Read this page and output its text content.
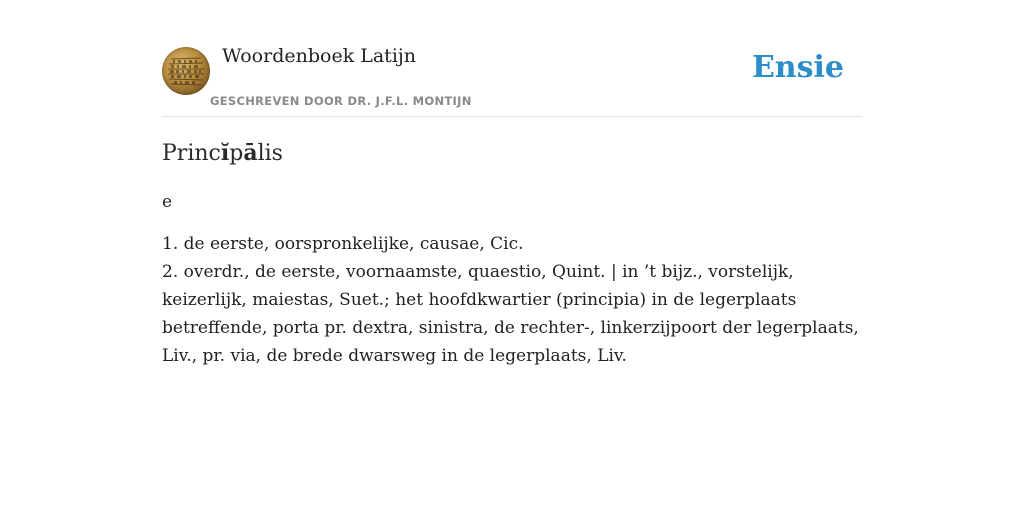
Woordenboek Latijn
GESCHREVEN DOOR DR. J.F.L. MONTIJN
Ensie
Princĭpālis
e
1. de eerste, oorspronkelijke, causae, Cic.
2. overdr., de eerste, voornaamste, quaestio, Quint. | in ’t bijz., vorstelijk,
keizerlijk, maiestas, Suet.; het hoofdkwartier (principia) in de legerplaats
betreffende, porta pr. dextra, sinistra, de rechter-, linkerzijpoort der legerplaats,
Liv., pr. via, de brede dwarsweg in de legerplaats, Liv.
